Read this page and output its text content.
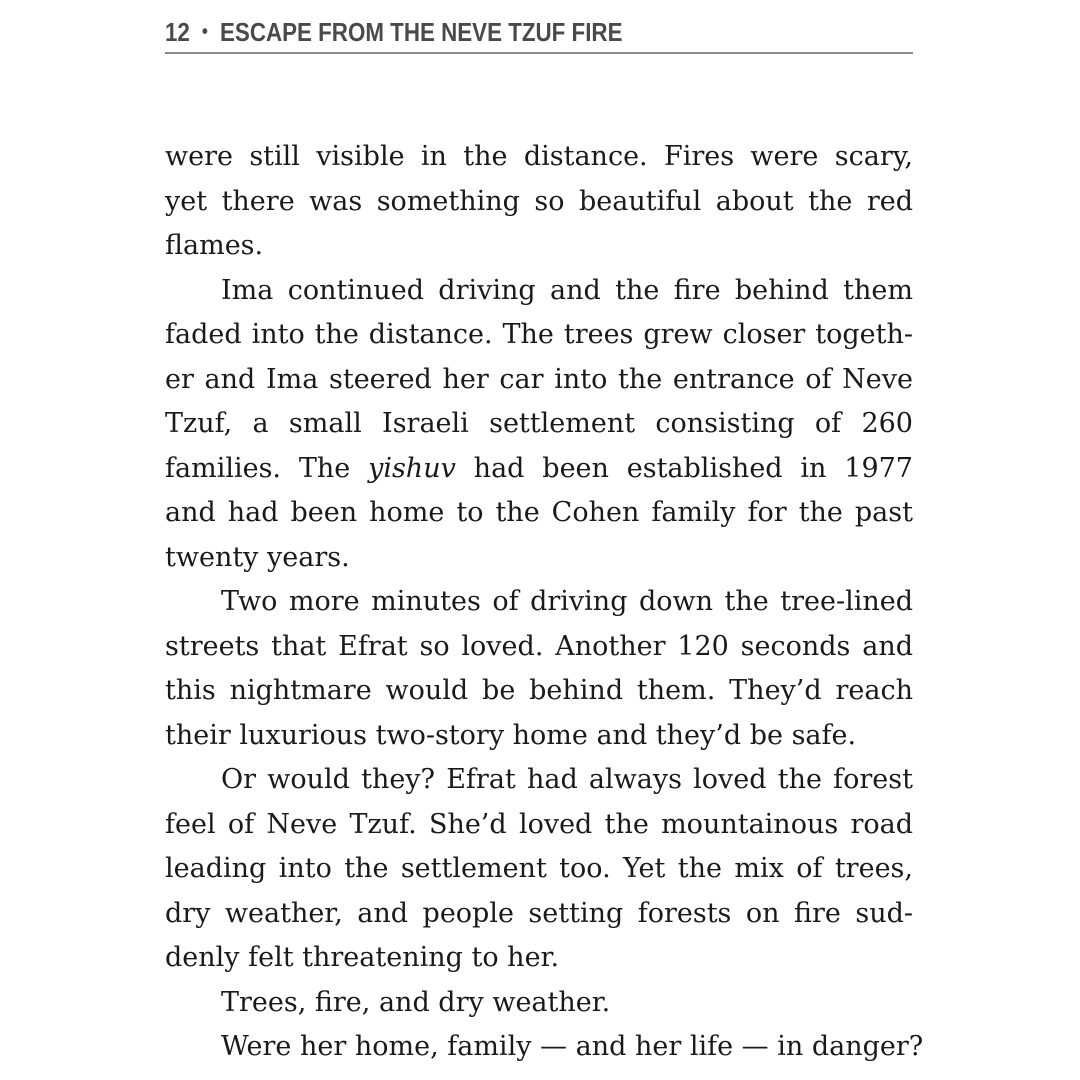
12 • ESCAPE FROM THE NEVE TZUF FIRE
were still visible in the distance. Fires were scary,
yet there was something so beautiful about the red
flames.
Ima continued driving and the fire behind them
faded into the distance. The trees grew closer togeth-
er and Ima steered her car into the entrance of Neve
Tzuf, a small Israeli settlement consisting of 260
families. The yishuv had been established in 1977
and had been home to the Cohen family for the past
twenty years.
Two more minutes of driving down the tree-lined
streets that Efrat so loved. Another 120 seconds and
this nightmare would be behind them. They’d reach
their luxurious two-story home and they’d be safe.
Or would they? Efrat had always loved the forest
feel of Neve Tzuf. She’d loved the mountainous road
leading into the settlement too. Yet the mix of trees,
dry weather, and people setting forests on fire sud-
denly felt threatening to her.
Trees, fire, and dry weather.
Were her home, family — and her life — in danger?
